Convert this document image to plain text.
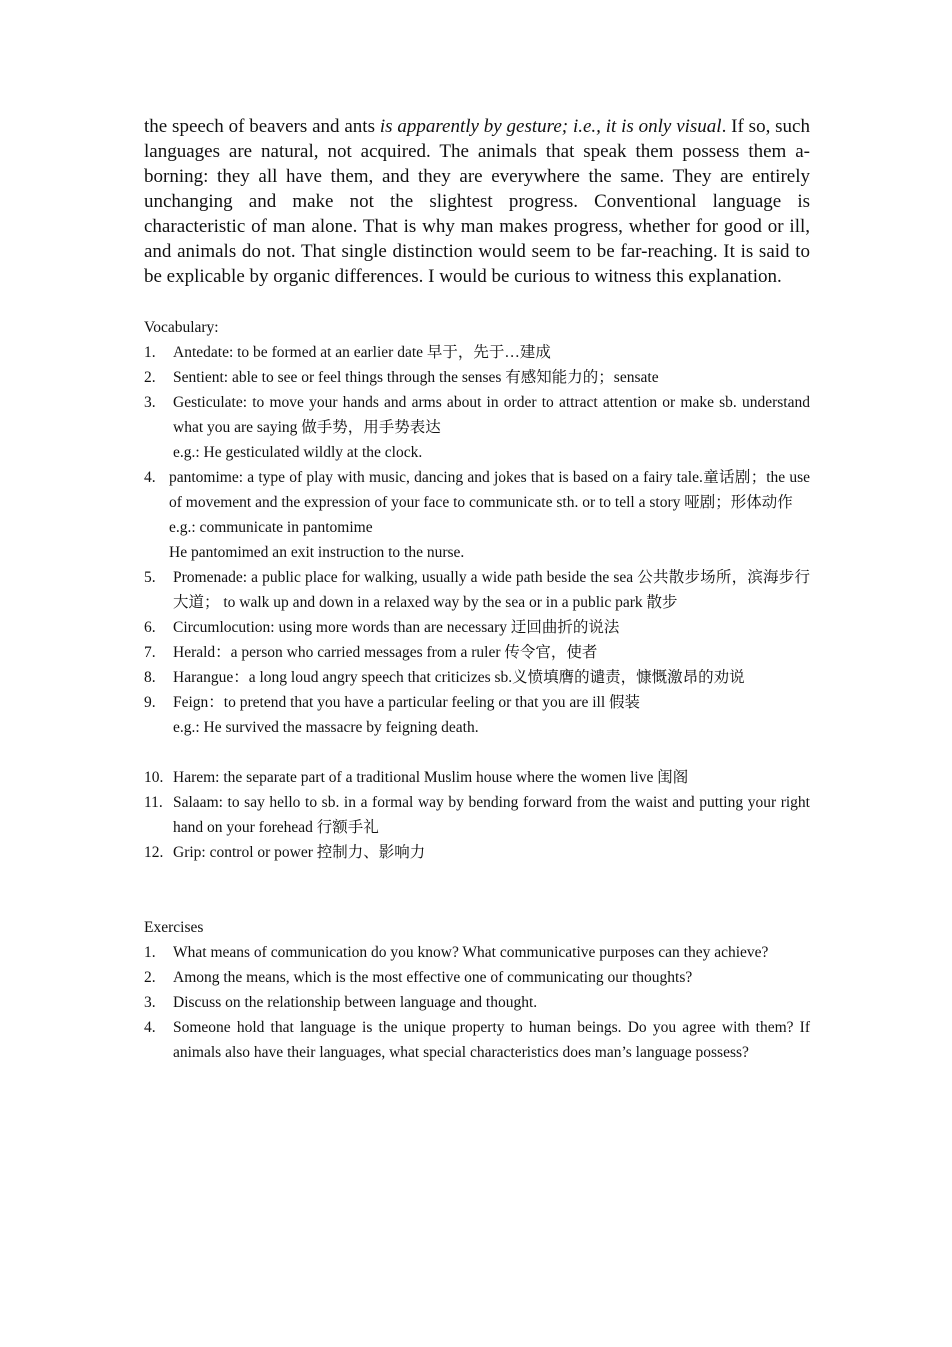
the speech of beavers and ants is apparently by gesture; i.e., it is only visual. If so, such languages are natural, not acquired. The animals that speak them possess them a-borning: they all have them, and they are everywhere the same. They are entirely unchanging and make not the slightest progress. Conventional language is characteristic of man alone. That is why man makes progress, whether for good or ill, and animals do not. That single distinction would seem to be far-reaching. It is said to be explicable by organic differences. I would be curious to witness this explanation.

Vocabulary:
1.	Antedate: to be formed at an earlier date 早于，先于…建成

2.	Sentient: able to see or feel things through the senses 有感知能力的；sensate

3.	Gesticulate: to move your hands and arms about in order to attract attention or make sb. understand what you are saying 做手势，用手势表达

e.g.: He gesticulated wildly at the clock.

4. pantomime: a type of play with music, dancing and jokes that is based on a fairy tale.童话剧；the use of movement and the expression of your face to communicate sth. or to tell a story 哑剧；形体动作

e.g.: communicate in pantomime

He pantomimed an exit instruction to the nurse.

5.	Promenade: a public place for walking, usually a wide path beside the sea 公共散步场所，滨海步行大道； to walk up and down in a relaxed way by the sea or in a public park 散步

6.	Circumlocution: using more words than are necessary 迂回曲折的说法

7.	Herald：a person who carried messages from a ruler 传令官，使者

8.	Harangue：a long loud angry speech that criticizes sb.义愤填膺的谴责，慷慨激昂的劝说

9.	Feign：to pretend that you have a particular feeling or that you are ill 假装

e.g.: He survived the massacre by feigning death.

10. Harem: the separate part of a traditional Muslim house where the women live 闺阁

11. Salaam: to say hello to sb. in a formal way by bending forward from the waist and putting your right hand on your forehead 行额手礼

12. Grip: control or power 控制力、影响力

Exercises
1.	What means of communication do you know? What communicative purposes can they achieve?
2.	Among the means, which is the most effective one of communicating our thoughts?
3.	Discuss on the relationship between language and thought.
4.	Someone hold that language is the unique property to human beings. Do you agree with them? If animals also have their languages, what special characteristics does man’s language possess?
